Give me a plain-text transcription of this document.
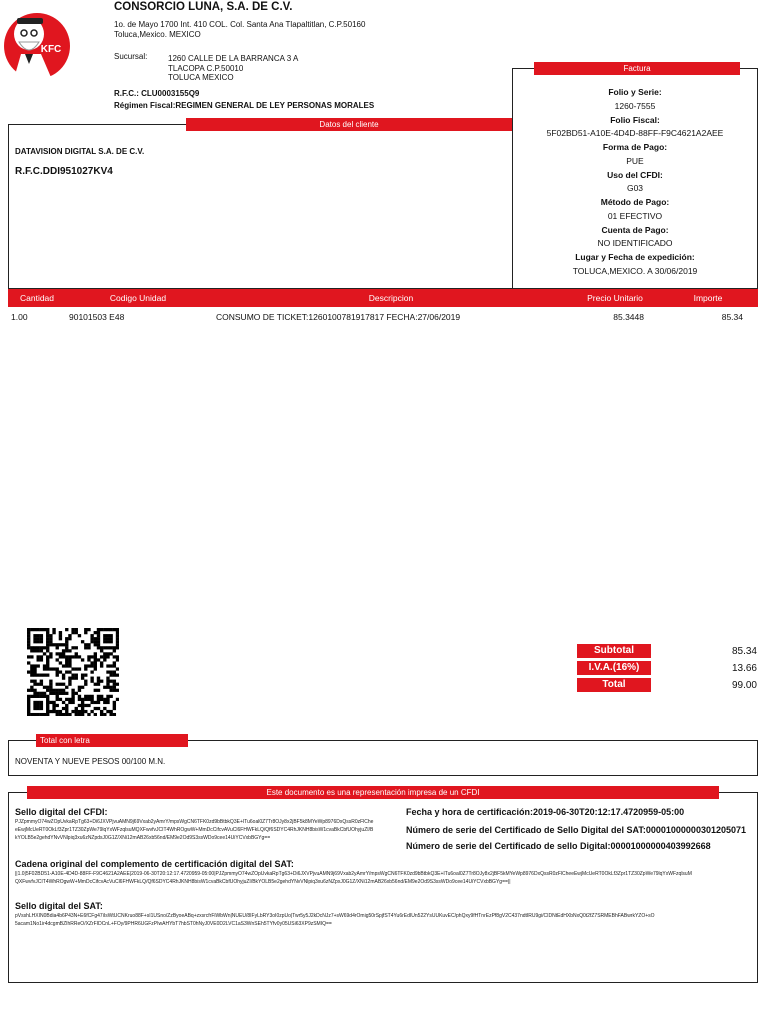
KFC
CONSORCIO LUNA, S.A. DE C.V.
1o. de Mayo 1700 Int. 410 COL. Col. Santa Ana Tlapaltitlan, C.P.50160
Toluca,Mexico. MEXICO
Sucursal:	1260 CALLE DE LA BARRANCA 3 A
TLACOPA C.P.50010
TOLUCA MEXICO
R.F.C.: CLU0003155Q9
Régimen Fiscal:REGIMEN GENERAL DE LEY PERSONAS MORALES
Factura
Folio y Serie:
1260-7555
Folio Fiscal:
5F02BD51-A10E-4D4D-88FF-F9C4621A2AEE
Forma de Pago:
PUE
Uso del CFDI:
G03
Método de Pago:
01 EFECTIVO
Cuenta de Pago:
NO IDENTIFICADO
Lugar y Fecha de expedición:
TOLUCA,MEXICO. A 30/06/2019
Datos del cliente
DATAVISION DIGITAL S.A. DE C.V.
R.F.C.DDI951027KV4
Cantidad	Codigo Unidad	Descripcion	Precio Unitario	Importe
1.00	90101503 E48	CONSUMO DE TICKET:1260100781917817 FECHA:27/06/2019	85.3448	85.34
Subtotal	85.34
I.V.A.(16%)	13.66
Total	99.00
Total con letra
NOVENTA Y NUEVE PESOS 00/100 M.N.
Este documento es una representación impresa de un CFDI
Sello digital del CFDI:
PJZpmmyO74wZOpUvkaRpTg63+Di6JXVPjvuAMN9j69Vxab2yAmrY/mpsWgCN6TFK0zd9bBtbkQ3E+ITu6oal0Z7Tr8OJy8x2jBF5k8MYeWp8976DxQssR0zFlCheeEwjMcUeRT0OkLf3Zpr1TZ30ZpWe79lqYxWFzqlsuMQXFwvfvJCIT4WhROgwW+MmDcCifcvAVuCl6FHWFkLQ/Qf6SDYC4RhJKNH8bisW1cvaBkCbfUOhyjuZI/BkYOLB5e2gehdYNvVNlpiq3xu6zNZpdsJ0G1Z/XNi12mAB26xb56nd/EM9e2Od9S3ssWDo9cee14UiYCVxbBGYg==
Fecha y hora de certificación:2019-06-30T20:12:17.4720959-05:00
Número de serie del Certificado de Sello Digital del SAT:00001000000301205071
Número de serie del Certificado de sello Digital:00001000000403992668
Cadena original del complemento de certificación digital del SAT:
||1.0|5F02BD51-A10E-4D4D-88FF-F9C4621A2AEE|2019-06-30T20:12:17.4720959-05:00|PJZpmmyO74wZOpUvkaRpTg63+Di6JXVPjvuAMN9j69Vxab2yAmrY/mpsWgCN6TFK0zd9bBtbkQ3E+ITu6oal0Z7Tr8OJy8x2jBF5kMYeWp8976DxQssR0zFlCheeEwjMcUeRT0OkLf3Zpr1TZ30ZpWe79lqYxWFzqlsuMQXFwvfvJCIT4WhROgwW+MmDcCifcvAcVuCl6FHWFkLQ/Qf6SDYC4RhJKNH8bisW1cvaBkCbfUOhyjuZI/BkYOLB5e2gehdYNvVNlpiq3xu6zNZpxJ0G1Z/XNi12mAB26xb56nd/EM9e2Od9S3ssWDo9cee14UiYCVxbBGYg==||
Sello digital del SAT:
pVsshLHXIN0Bdia4b6P43N+E6fCFg47iIsWtUCNKruo88F+sI1USno/ZzByoeABq+zxsrcfrFiWbWn|NUEU/8IFyLbRY3oI0zpUo|Twr5y5J2kDcNJz7+sW69d4rOmig50rSpjfST4Yu6rEdIUn522YsUUKuvEC/phQxy9fHTnrEzPf8gV2C437ndtIRU9gi/CIDNtEdHXbNxQ0t2fZ7SRMEBhFABwrkYZO+sO5acam1No1ir4dcgmBZIhRReO/XZrFIDCnL+FOy/9PHR6UGFzPIwAHYbT7hbST0hNyJ0VE0D2LVC1aS3WnSEh5TYfv0y05USi63XP9zSMIQ==
